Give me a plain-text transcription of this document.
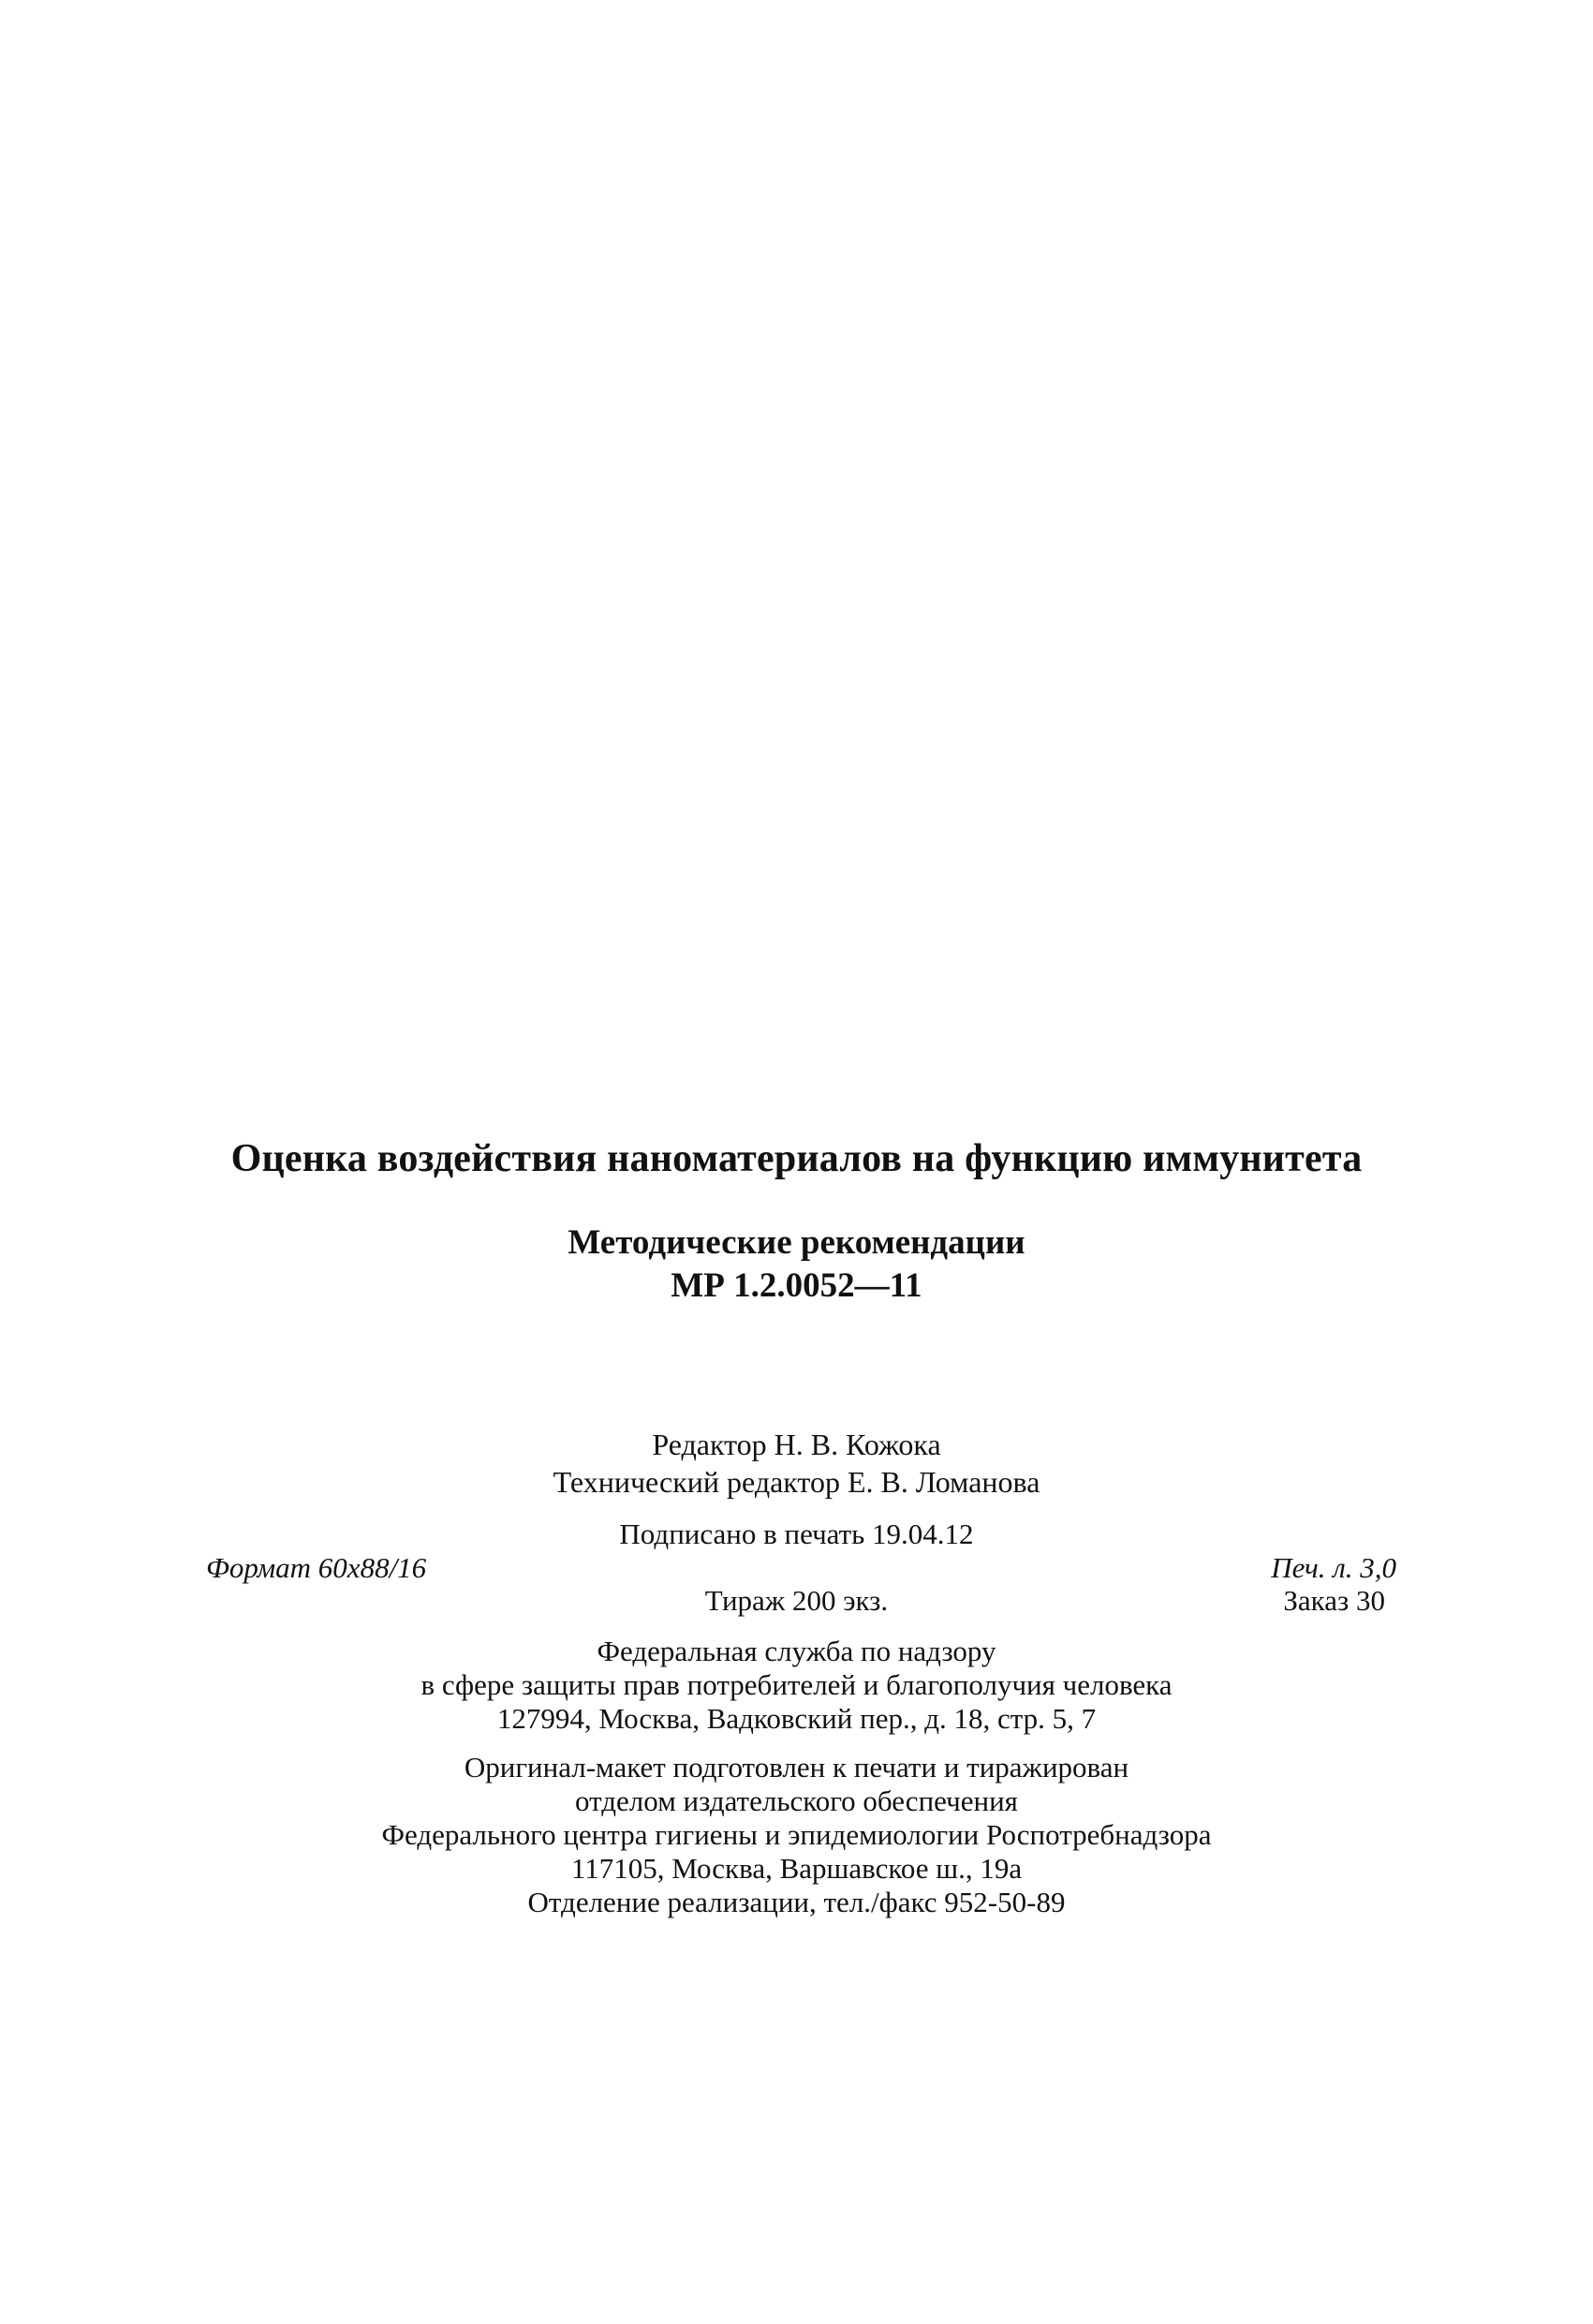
Оценка воздействия наноматериалов на функцию иммунитета
Методические рекомендации
МР 1.2.0052—11
Редактор Н. В. Кожока
Технический редактор Е. В. Ломанова
Подписано в печать 19.04.12
Формат 60x88/16	Печ. л. 3,0
Тираж 200 экз.	Заказ 30
Федеральная служба по надзору
в сфере защиты прав потребителей и благополучия человека
127994, Москва, Вадковский пер., д. 18, стр. 5, 7
Оригинал-макет подготовлен к печати и тиражирован
отделом издательского обеспечения
Федерального центра гигиены и эпидемиологии Роспотребнадзора
117105, Москва, Варшавское ш., 19а
Отделение реализации, тел./факс 952-50-89
